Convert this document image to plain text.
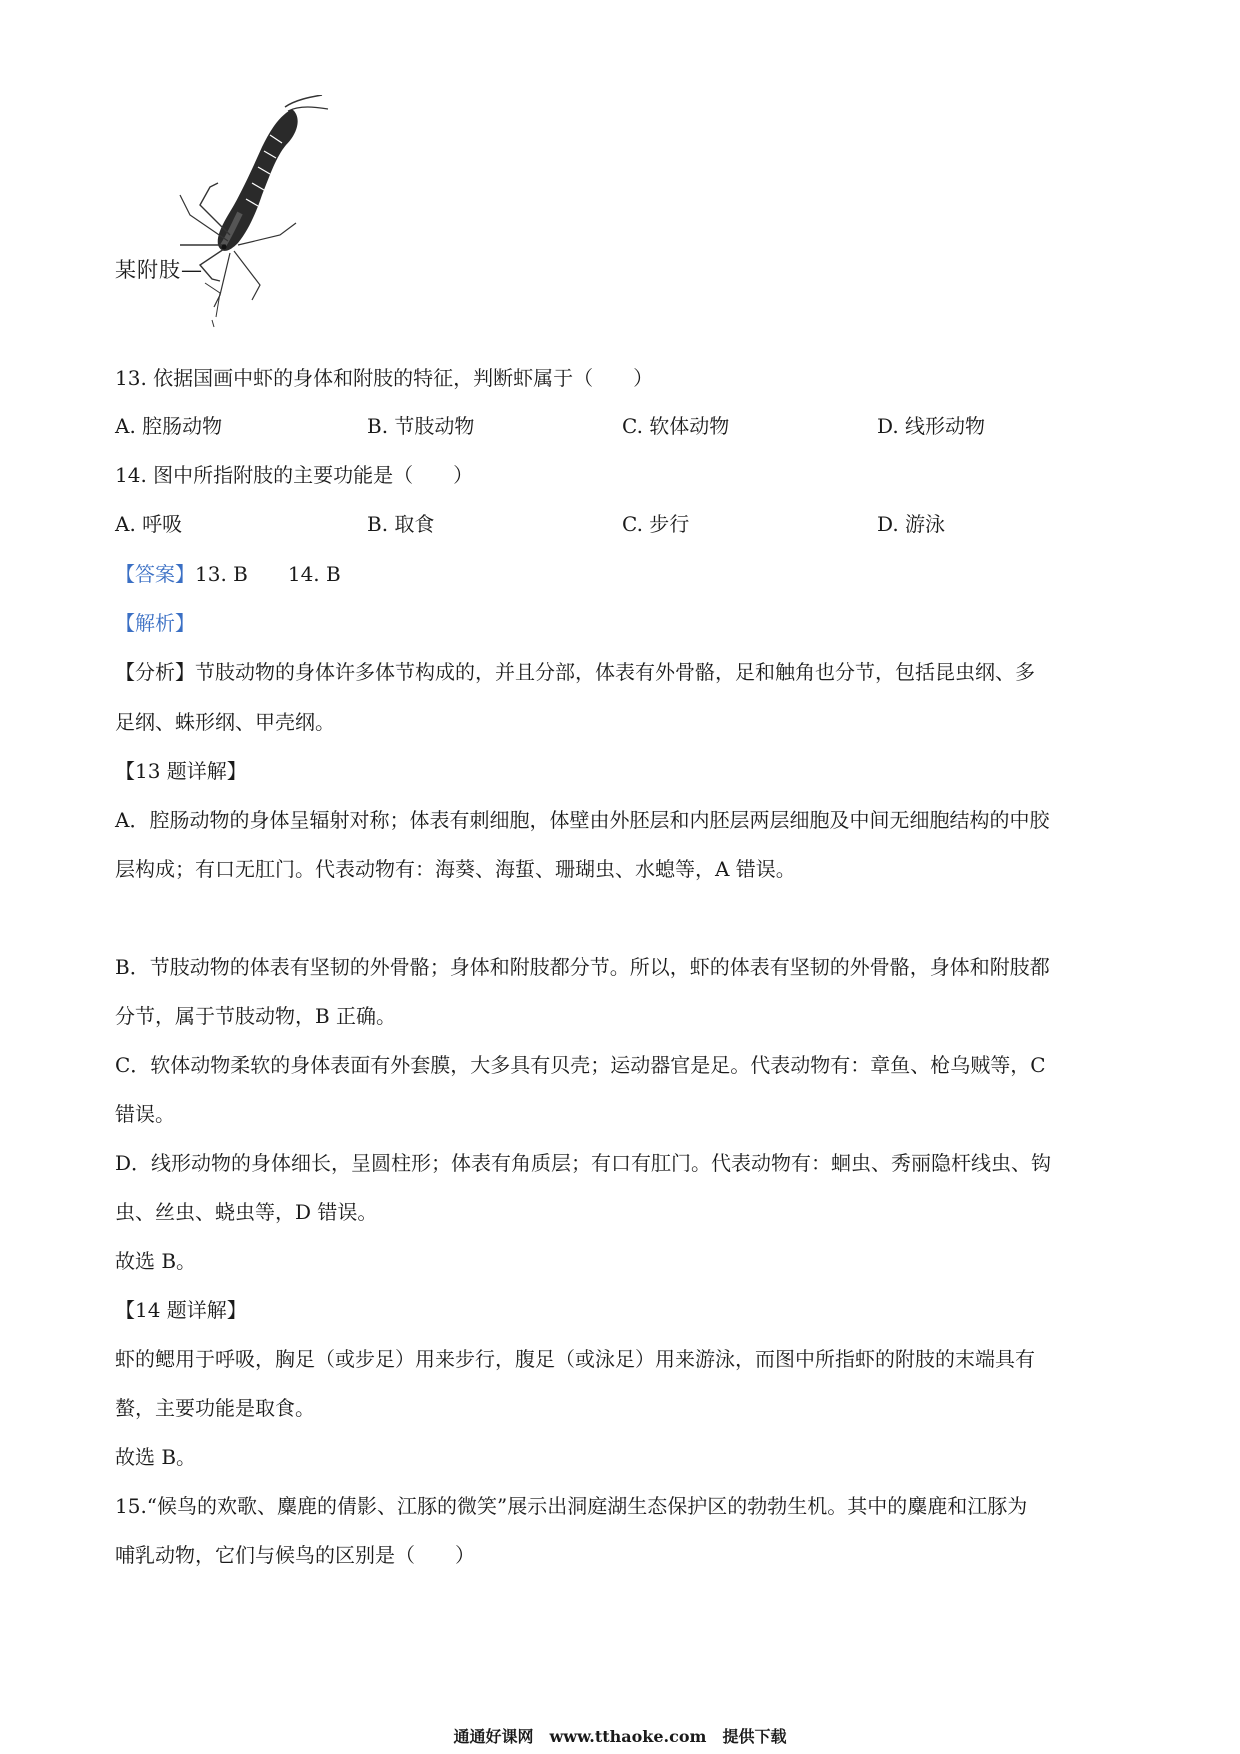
某附肢—
13. 依据国画中虾的身体和附肢的特征，判断虾属于（　　）
A. 腔肠动物	B. 节肢动物	C. 软体动物	D. 线形动物
14. 图中所指附肢的主要功能是（　　）
A. 呼吸	B. 取食	C. 步行	D. 游泳
【答案】13. B　　14. B
【解析】
【分析】节肢动物的身体许多体节构成的，并且分部，体表有外骨骼，足和触角也分节，包括昆虫纲、多
足纲、蛛形纲、甲壳纲。
【13 题详解】
A．腔肠动物的身体呈辐射对称；体表有刺细胞，体壁由外胚层和内胚层两层细胞及中间无细胞结构的中胶
层构成；有口无肛门。代表动物有：海葵、海蜇、珊瑚虫、水螅等，A 错误。
B．节肢动物的体表有坚韧的外骨骼；身体和附肢都分节。所以，虾的体表有坚韧的外骨骼，身体和附肢都
分节，属于节肢动物，B 正确。
C．软体动物柔软的身体表面有外套膜，大多具有贝壳；运动器官是足。代表动物有：章鱼、枪乌贼等，C
错误。
D．线形动物的身体细长，呈圆柱形；体表有角质层；有口有肛门。代表动物有：蛔虫、秀丽隐杆线虫、钩
虫、丝虫、蛲虫等，D 错误。
故选 B。
【14 题详解】
虾的鳃用于呼吸，胸足（或步足）用来步行，腹足（或泳足）用来游泳，而图中所指虾的附肢的末端具有
螯，主要功能是取食。
故选 B。
15.“候鸟的欢歌、麋鹿的倩影、江豚的微笑”展示出洞庭湖生态保护区的勃勃生机。其中的麋鹿和江豚为
哺乳动物，它们与候鸟的区别是（　　）
通通好课网　www.tthaoke.com　提供下载
